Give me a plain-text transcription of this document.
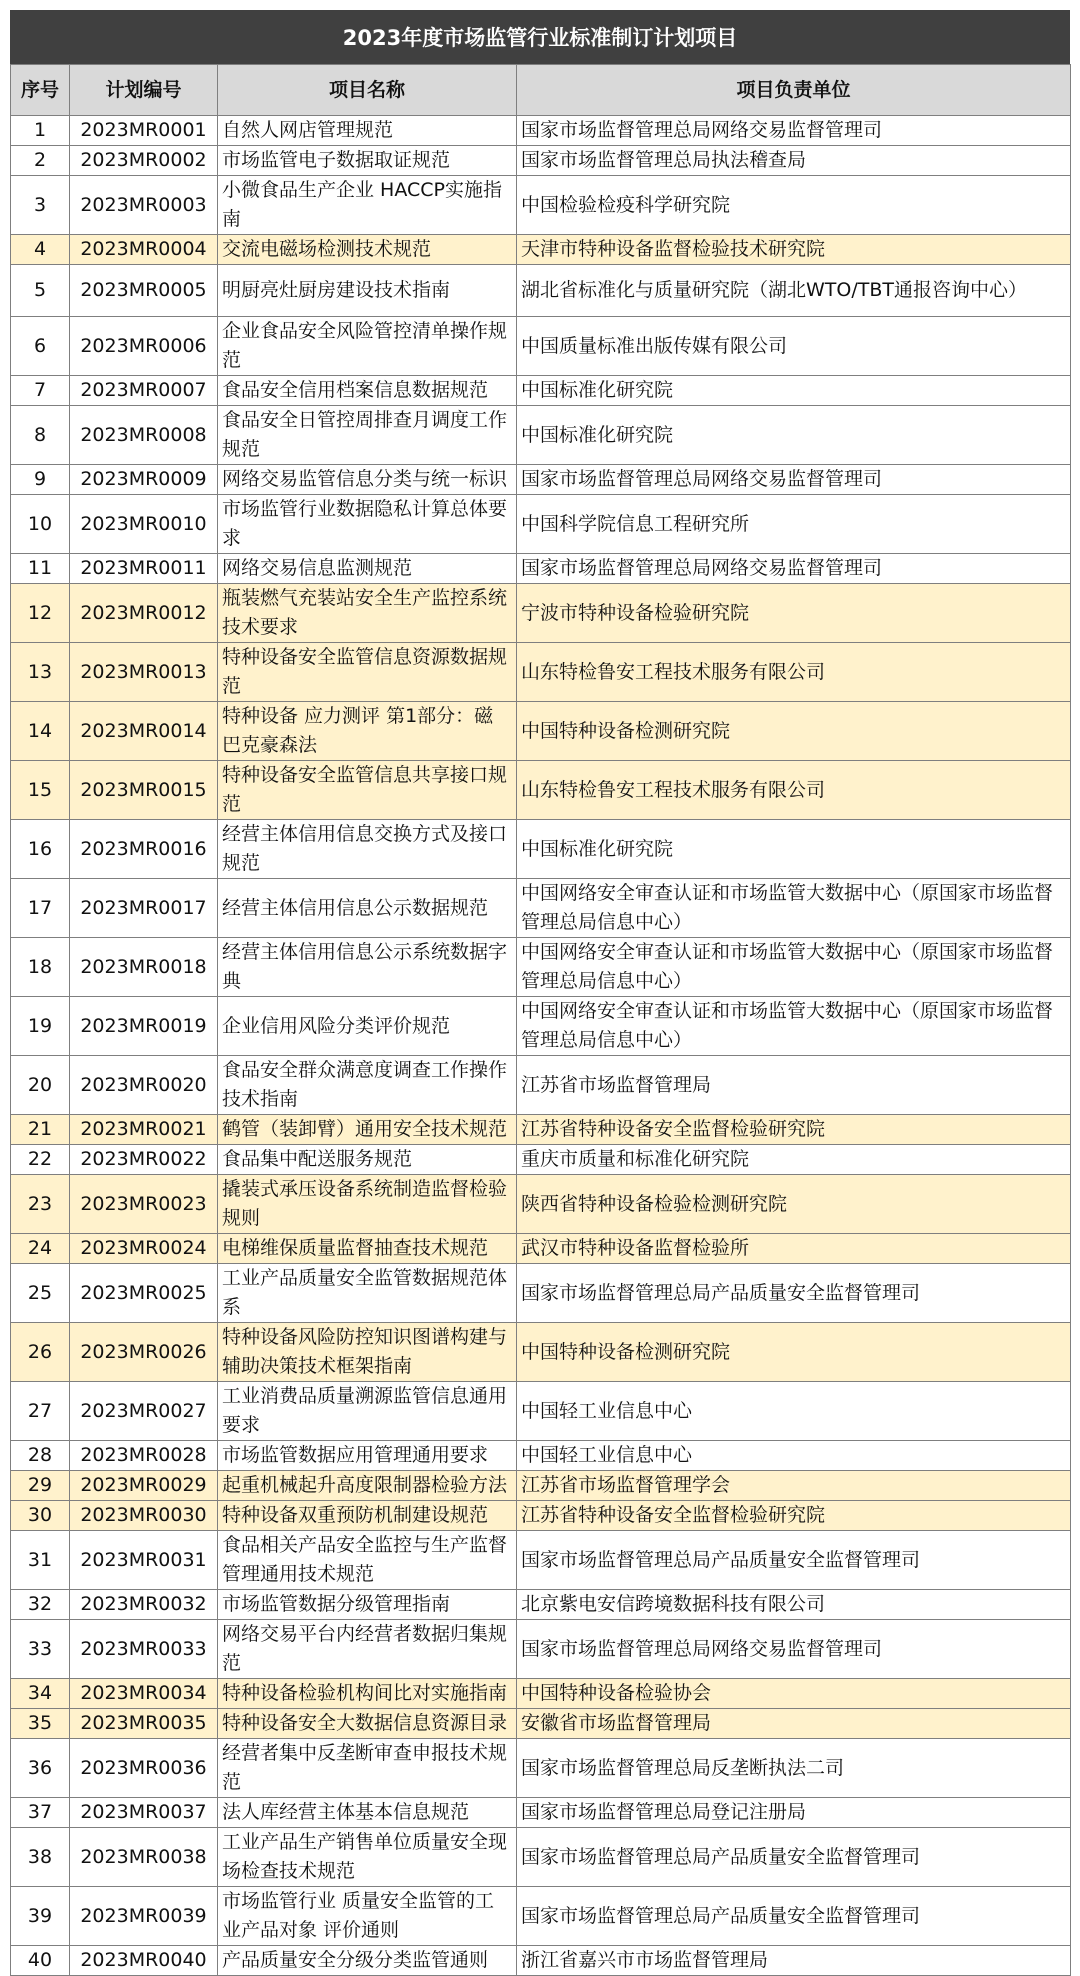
2023年度市场监管行业标准制订计划项目
序号	计划编号	项目名称	项目负责单位
1	2023MR0001	自然人网店管理规范	国家市场监督管理总局网络交易监督管理司
2	2023MR0002	市场监管电子数据取证规范	国家市场监督管理总局执法稽查局
3	2023MR0003	小微食品生产企业 HACCP实施指南	中国检验检疫科学研究院
4	2023MR0004	交流电磁场检测技术规范	天津市特种设备监督检验技术研究院
5	2023MR0005	明厨亮灶厨房建设技术指南	湖北省标准化与质量研究院（湖北WTO/TBT通报咨询中心）
6	2023MR0006	企业食品安全风险管控清单操作规范	中国质量标准出版传媒有限公司
7	2023MR0007	食品安全信用档案信息数据规范	中国标准化研究院
8	2023MR0008	食品安全日管控周排查月调度工作规范	中国标准化研究院
9	2023MR0009	网络交易监管信息分类与统一标识	国家市场监督管理总局网络交易监督管理司
10	2023MR0010	市场监管行业数据隐私计算总体要求	中国科学院信息工程研究所
11	2023MR0011	网络交易信息监测规范	国家市场监督管理总局网络交易监督管理司
12	2023MR0012	瓶装燃气充装站安全生产监控系统技术要求	宁波市特种设备检验研究院
13	2023MR0013	特种设备安全监管信息资源数据规范	山东特检鲁安工程技术服务有限公司
14	2023MR0014	特种设备 应力测评 第1部分：磁巴克豪森法	中国特种设备检测研究院
15	2023MR0015	特种设备安全监管信息共享接口规范	山东特检鲁安工程技术服务有限公司
16	2023MR0016	经营主体信用信息交换方式及接口规范	中国标准化研究院
17	2023MR0017	经营主体信用信息公示数据规范	中国网络安全审查认证和市场监管大数据中心（原国家市场监督管理总局信息中心）
18	2023MR0018	经营主体信用信息公示系统数据字典	中国网络安全审查认证和市场监管大数据中心（原国家市场监督管理总局信息中心）
19	2023MR0019	企业信用风险分类评价规范	中国网络安全审查认证和市场监管大数据中心（原国家市场监督管理总局信息中心）
20	2023MR0020	食品安全群众满意度调查工作操作技术指南	江苏省市场监督管理局
21	2023MR0021	鹤管（装卸臂）通用安全技术规范	江苏省特种设备安全监督检验研究院
22	2023MR0022	食品集中配送服务规范	重庆市质量和标准化研究院
23	2023MR0023	撬装式承压设备系统制造监督检验规则	陕西省特种设备检验检测研究院
24	2023MR0024	电梯维保质量监督抽查技术规范	武汉市特种设备监督检验所
25	2023MR0025	工业产品质量安全监管数据规范体系	国家市场监督管理总局产品质量安全监督管理司
26	2023MR0026	特种设备风险防控知识图谱构建与辅助决策技术框架指南	中国特种设备检测研究院
27	2023MR0027	工业消费品质量溯源监管信息通用要求	中国轻工业信息中心
28	2023MR0028	市场监管数据应用管理通用要求	中国轻工业信息中心
29	2023MR0029	起重机械起升高度限制器检验方法	江苏省市场监督管理学会
30	2023MR0030	特种设备双重预防机制建设规范	江苏省特种设备安全监督检验研究院
31	2023MR0031	食品相关产品安全监控与生产监督管理通用技术规范	国家市场监督管理总局产品质量安全监督管理司
32	2023MR0032	市场监管数据分级管理指南	北京紫电安信跨境数据科技有限公司
33	2023MR0033	网络交易平台内经营者数据归集规范	国家市场监督管理总局网络交易监督管理司
34	2023MR0034	特种设备检验机构间比对实施指南	中国特种设备检验协会
35	2023MR0035	特种设备安全大数据信息资源目录	安徽省市场监督管理局
36	2023MR0036	经营者集中反垄断审查申报技术规范	国家市场监督管理总局反垄断执法二司
37	2023MR0037	法人库经营主体基本信息规范	国家市场监督管理总局登记注册局
38	2023MR0038	工业产品生产销售单位质量安全现场检查技术规范	国家市场监督管理总局产品质量安全监督管理司
39	2023MR0039	市场监管行业 质量安全监管的工业产品对象 评价通则	国家市场监督管理总局产品质量安全监督管理司
40	2023MR0040	产品质量安全分级分类监管通则	浙江省嘉兴市市场监督管理局
